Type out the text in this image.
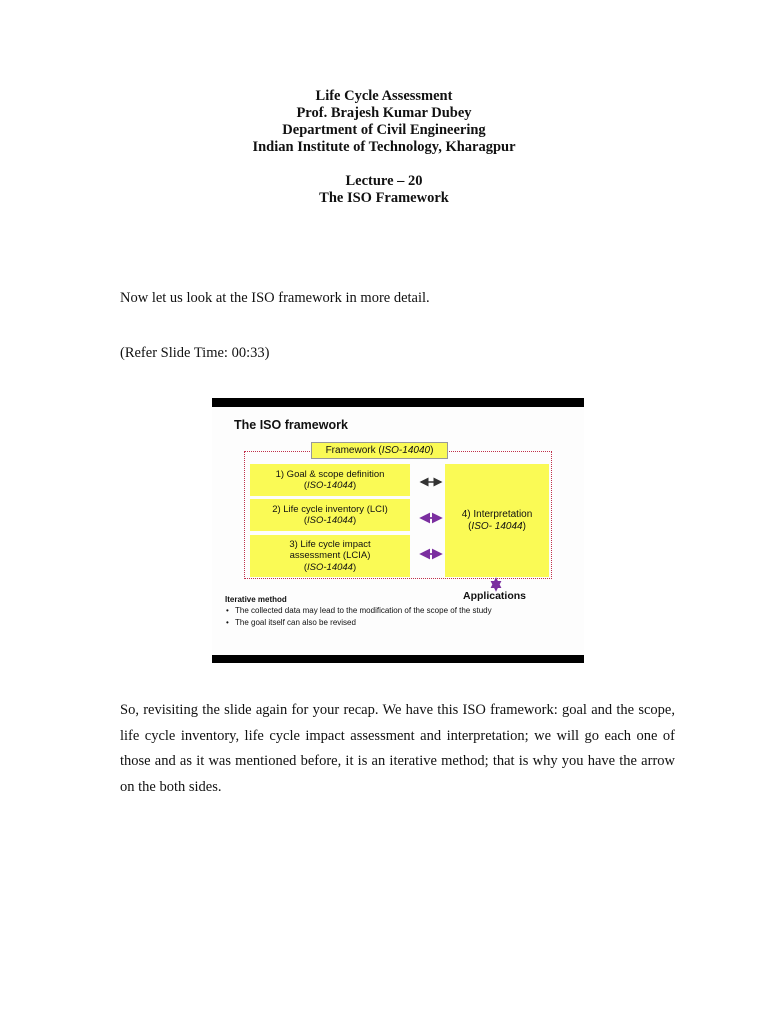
Life Cycle Assessment
Prof. Brajesh Kumar Dubey
Department of Civil Engineering
Indian Institute of Technology, Kharagpur
Lecture – 20
The ISO Framework
Now let us look at the ISO framework in more detail.
(Refer Slide Time: 00:33)
The ISO framework
Framework (ISO-14040)
1) Goal & scope definition
(ISO-14044)
2) Life cycle inventory (LCI)
(ISO-14044)
3) Life cycle impact
assessment (LCIA)
(ISO-14044)
4) Interpretation
(ISO- 14044)
Applications
Iterative method
• The collected data may lead to the modification of the scope of the study
• The goal itself can also be revised
So, revisiting the slide again for your recap. We have this ISO framework: goal and the scope, life cycle inventory, life cycle impact assessment and interpretation; we will go each one of those and as it was mentioned before, it is an iterative method; that is why you have the arrow on the both sides.
